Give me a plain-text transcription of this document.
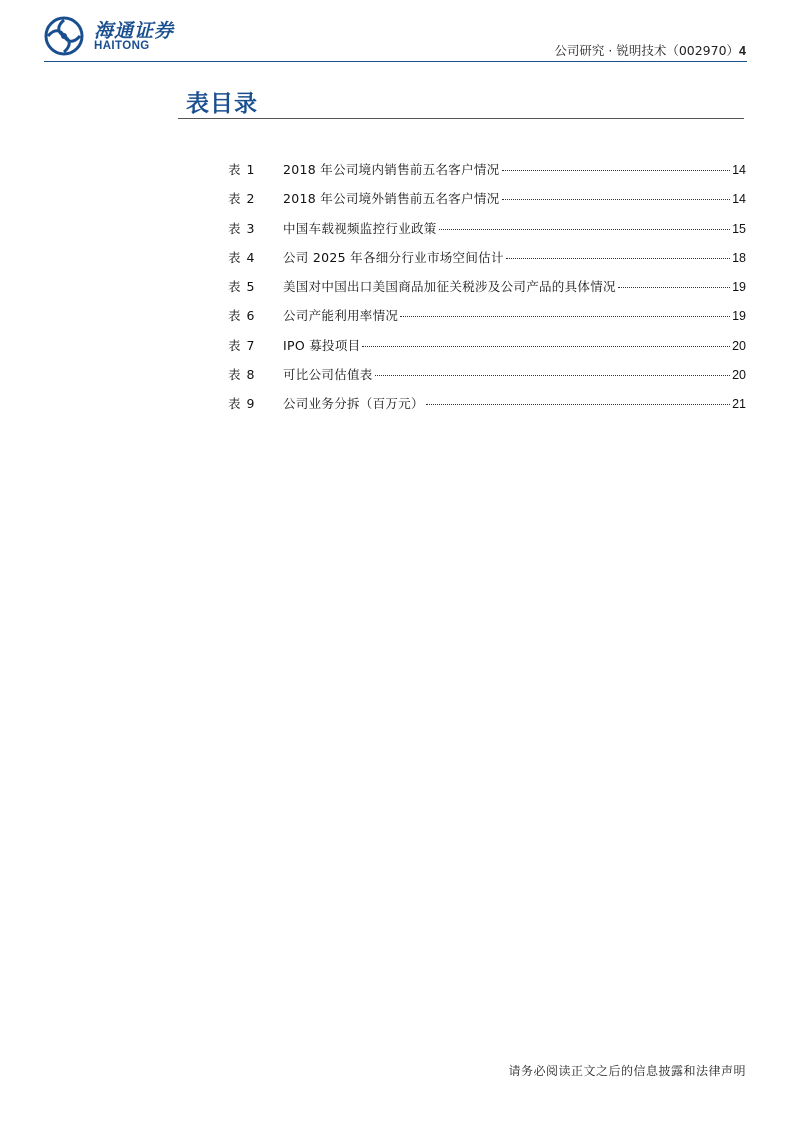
海通证券
HAITONG	公司研究 · 锐明技术（002970）4
表目录
表 1	2018 年公司境内销售前五名客户情况	14
表 2	2018 年公司境外销售前五名客户情况	14
表 3	中国车载视频监控行业政策	15
表 4	公司 2025 年各细分行业市场空间估计	18
表 5	美国对中国出口美国商品加征关税涉及公司产品的具体情况	19
表 6	公司产能利用率情况	19
表 7	IPO 募投项目	20
表 8	可比公司估值表	20
表 9	公司业务分拆（百万元）	21
请务必阅读正文之后的信息披露和法律声明
